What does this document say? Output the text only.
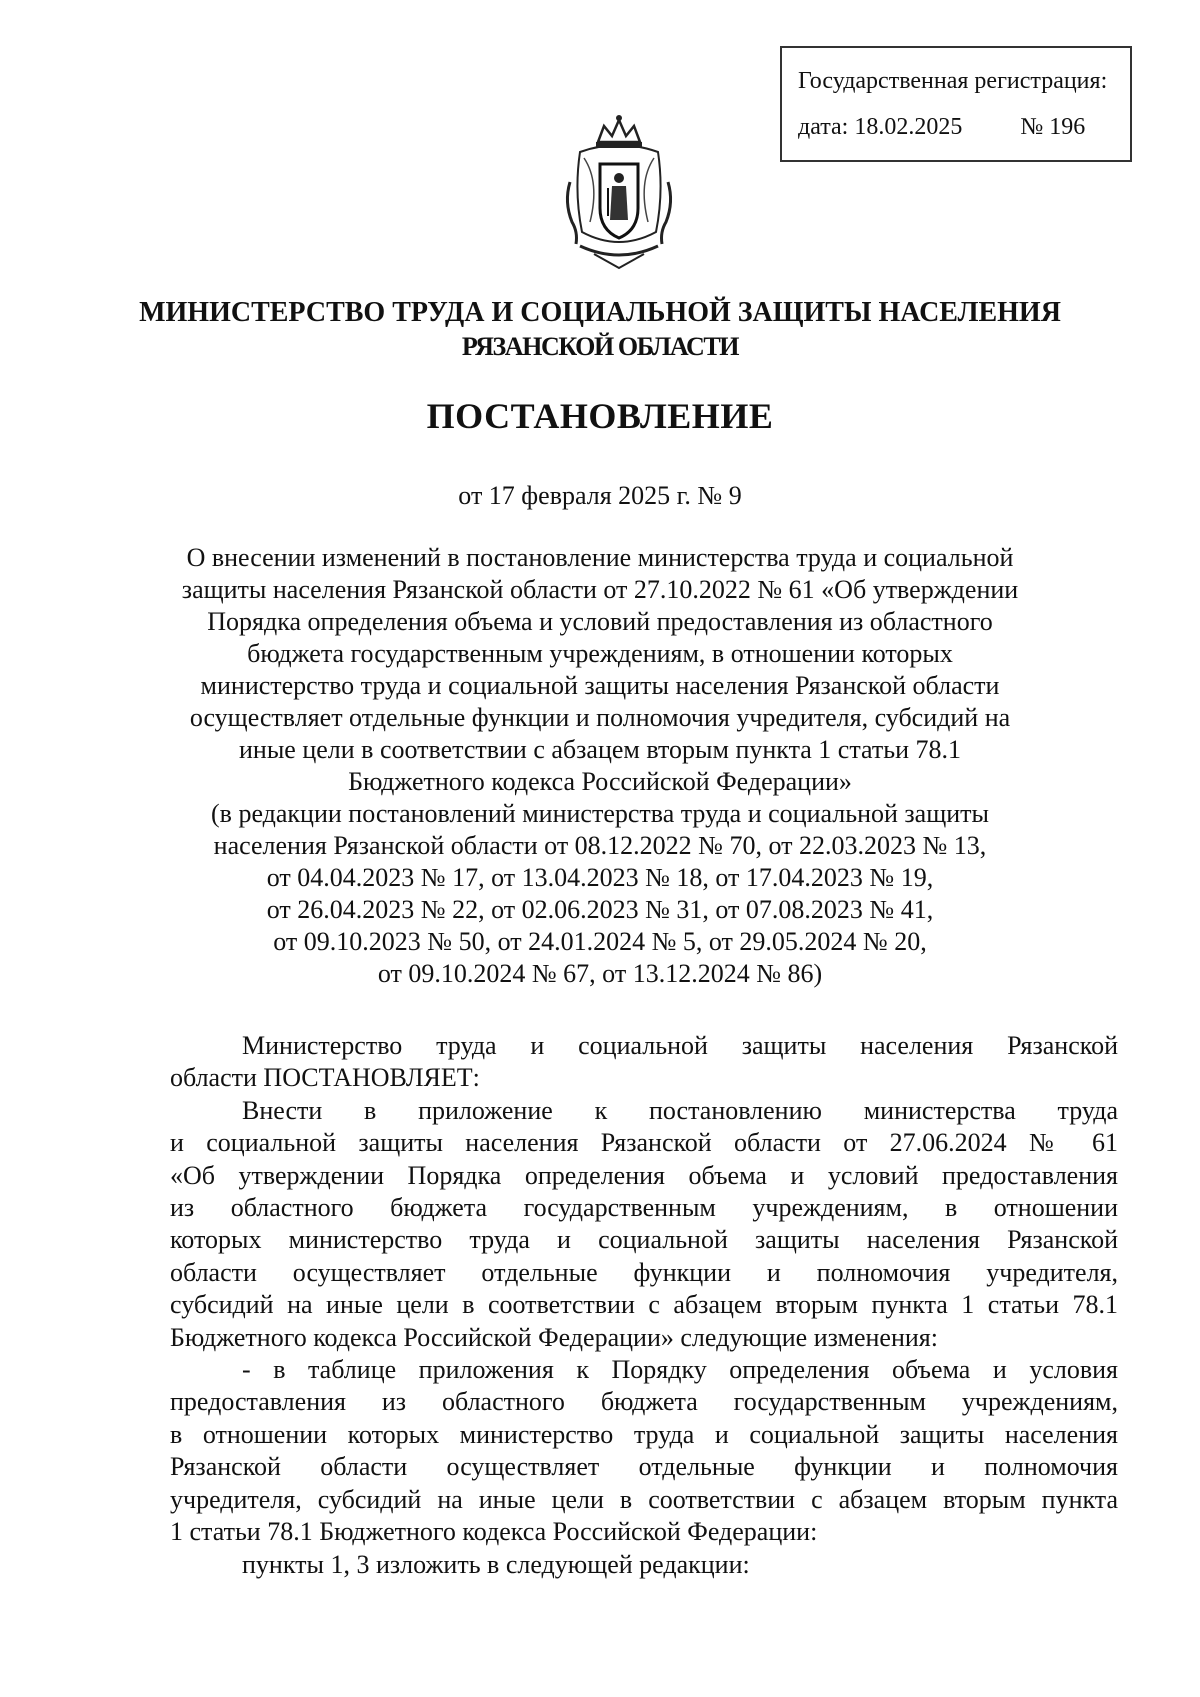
Государственная регистрация:
дата: 18.02.2025 № 196
МИНИСТЕРСТВО ТРУДА И СОЦИАЛЬНОЙ ЗАЩИТЫ НАСЕЛЕНИЯ
РЯЗАНСКОЙ ОБЛАСТИ
ПОСТАНОВЛЕНИЕ
от 17 февраля 2025 г. № 9
О внесении изменений в постановление министерства труда и социальной
защиты населения Рязанской области от 27.10.2022 № 61 «Об утверждении
Порядка определения объема и условий предоставления из областного
бюджета государственным учреждениям, в отношении которых
министерство труда и социальной защиты населения Рязанской области
осуществляет отдельные функции и полномочия учредителя, субсидий на
иные цели в соответствии с абзацем вторым пункта 1 статьи 78.1
Бюджетного кодекса Российской Федерации»
(в редакции постановлений министерства труда и социальной защиты
населения Рязанской области от 08.12.2022 № 70, от 22.03.2023 № 13,
от 04.04.2023 № 17, от 13.04.2023 № 18, от 17.04.2023 № 19,
от 26.04.2023 № 22, от 02.06.2023 № 31, от 07.08.2023 № 41,
от 09.10.2023 № 50, от 24.01.2024 № 5, от 29.05.2024 № 20,
от 09.10.2024 № 67, от 13.12.2024 № 86)
Министерство труда и социальной защиты населения Рязанской
области ПОСТАНОВЛЯЕТ:
Внести в приложение к постановлению министерства труда
и социальной защиты населения Рязанской области от 27.06.2024 № 61
«Об утверждении Порядка определения объема и условий предоставления
из областного бюджета государственным учреждениям, в отношении
которых министерство труда и социальной защиты населения Рязанской
области осуществляет отдельные функции и полномочия учредителя,
субсидий на иные цели в соответствии с абзацем вторым пункта 1 статьи 78.1
Бюджетного кодекса Российской Федерации» следующие изменения:
- в таблице приложения к Порядку определения объема и условия
предоставления из областного бюджета государственным учреждениям,
в отношении которых министерство труда и социальной защиты населения
Рязанской области осуществляет отдельные функции и полномочия
учредителя, субсидий на иные цели в соответствии с абзацем вторым пункта
1 статьи 78.1 Бюджетного кодекса Российской Федерации:
пункты 1, 3 изложить в следующей редакции:
